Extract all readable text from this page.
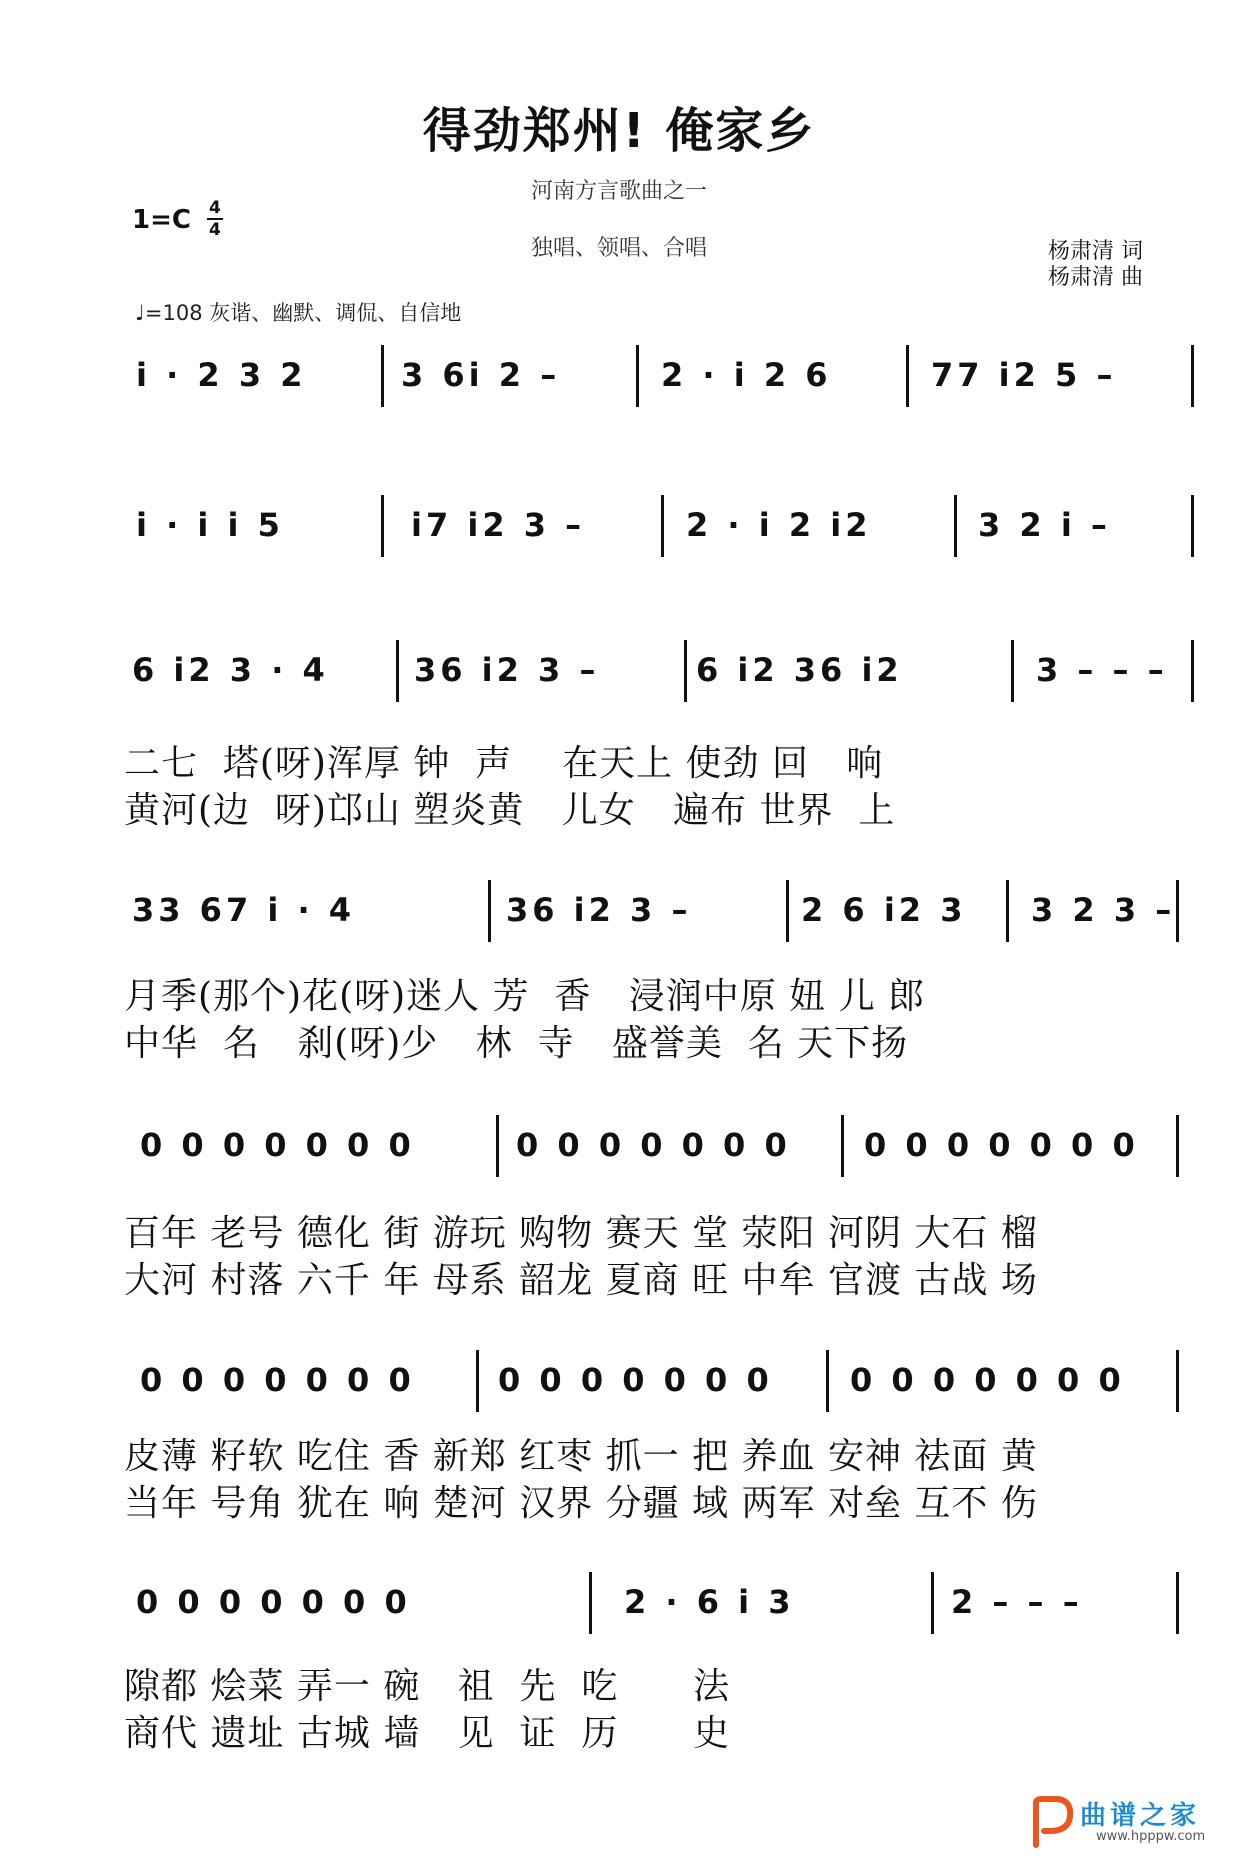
得劲郑州! 俺家乡
河南方言歌曲之一
1=C 4
4
独唱、领唱、合唱	杨肃清 词
杨肃清 曲
♩=108 灰谐、幽默、调侃、自信地
i · 2 3 2	3 6i 2 –	2 · i 2 6	77 i2 5 –
i · i i 5	i7 i2 3 –	2 · i 2 i2	3 2 i –
6 i2 3 · 4	36 i2 3 –	6 i2 36 i2	3 – – –
二七  塔(呀)浑厚 钟  声    在天上 使劲 回   响
黄河(边  呀)邙山 塑炎黄   儿女   遍布 世界  上
33 67 i · 4	36 i2 3 –	2 6 i2 3 3 2 3 –
月季(那个)花(呀)迷人 芳  香   浸润中原 妞 儿 郎
中华  名   刹(呀)少   林  寺   盛誉美  名 天下扬
0 0 0 0 0 0 0	0 0 0 0 0 0 0 0 0 0 0 0 0 0
百年 老号 德化 街 游玩 购物 赛天 堂 荥阳 河阴 大石 榴
大河 村落 六千 年 母系 韶龙 夏商 旺 中牟 官渡 古战 场
0 0 0 0 0 0 0	0 0 0 0 0 0 0 0 0 0 0 0 0 0
皮薄 籽软 吃住 香 新郑 红枣 抓一 把 养血 安神 祛面 黄
当年 号角 犹在 响 楚河 汉界 分疆 域 两军 对垒 互不 伤
0 0 0 0 0 0 0	2 · 6 i 3	2 – – –
隙都 烩菜 弄一 碗   祖  先  吃      法
商代 遗址 古城 墙   见  证  历      史
曲谱之家
www.hpppw.com
